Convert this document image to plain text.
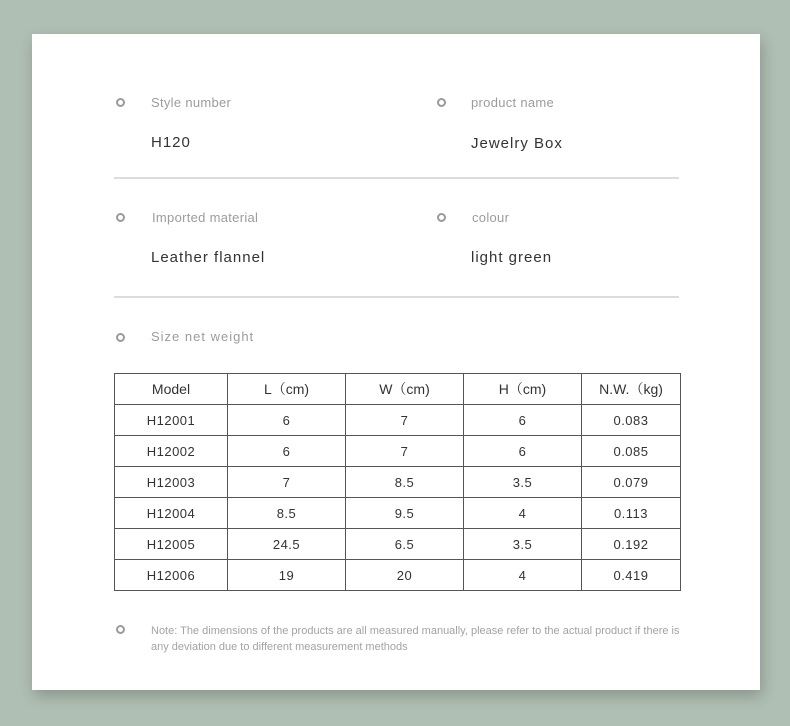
Style number
H120
product name
Jewelry Box
Imported material
Leather flannel
colour
light green
Size net weight
Model	L（cm)	W（cm)	H（cm)	N.W.（kg)
H12001	6	7	6	0.083
H12002	6	7	6	0.085
H12003	7	8.5	3.5	0.079
H12004	8.5	9.5	4	0.113
H12005	24.5	6.5	3.5	0.192
H12006	19	20	4	0.419
Note: The dimensions of the products are all measured manually, please refer to the actual product if there is any deviation due to different measurement methods
